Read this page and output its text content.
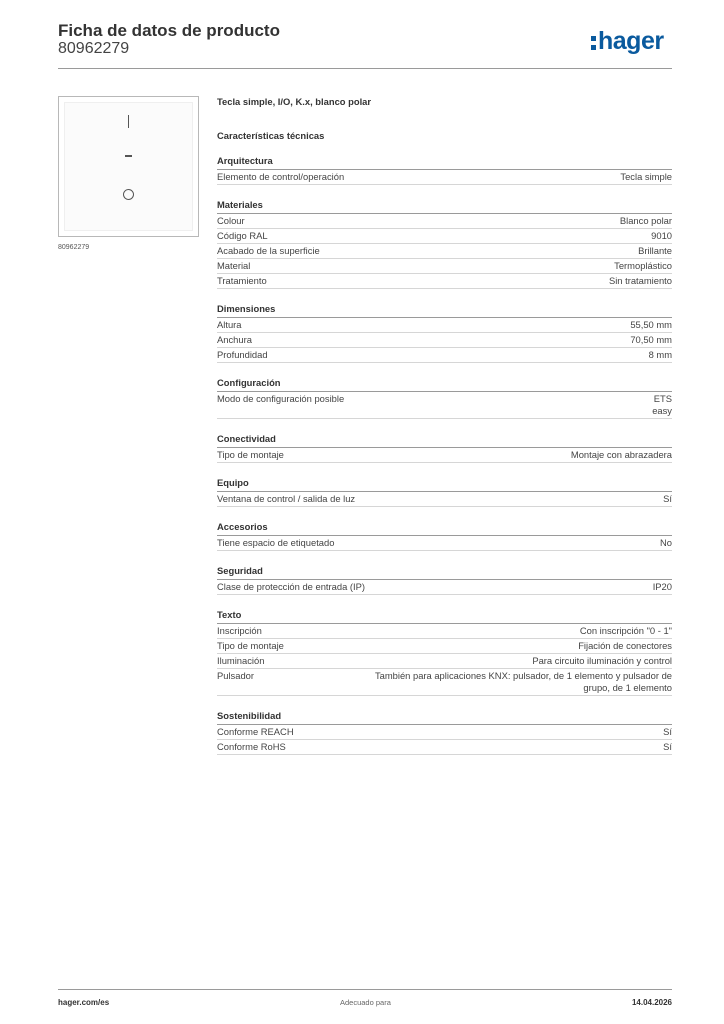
Ficha de datos de producto
80962279	hager
80962279
Tecla simple, I/O, K.x, blanco polar
Características técnicas
Arquitectura
Elemento de control/operación	Tecla simple
Materiales
Colour	Blanco polar
Código RAL	9010
Acabado de la superficie	Brillante
Material	Termoplástico
Tratamiento	Sin tratamiento
Dimensiones
Altura	55,50 mm
Anchura	70,50 mm
Profundidad	8 mm
Configuración
Modo de configuración posible	ETS
easy
Conectividad
Tipo de montaje	Montaje con abrazadera
Equipo
Ventana de control / salida de luz	Sí
Accesorios
Tiene espacio de etiquetado	No
Seguridad
Clase de protección de entrada (IP)	IP20
Texto
Inscripción	Con inscripción "0 - 1"
Tipo de montaje	Fijación de conectores
Iluminación	Para circuito iluminación y control
Pulsador	También para aplicaciones KNX: pulsador, de 1 elemento y pulsador de
grupo, de 1 elemento
Sostenibilidad
Conforme REACH	Sí
Conforme RoHS	Sí
hager.com/es	Adecuado para	14.04.2026
